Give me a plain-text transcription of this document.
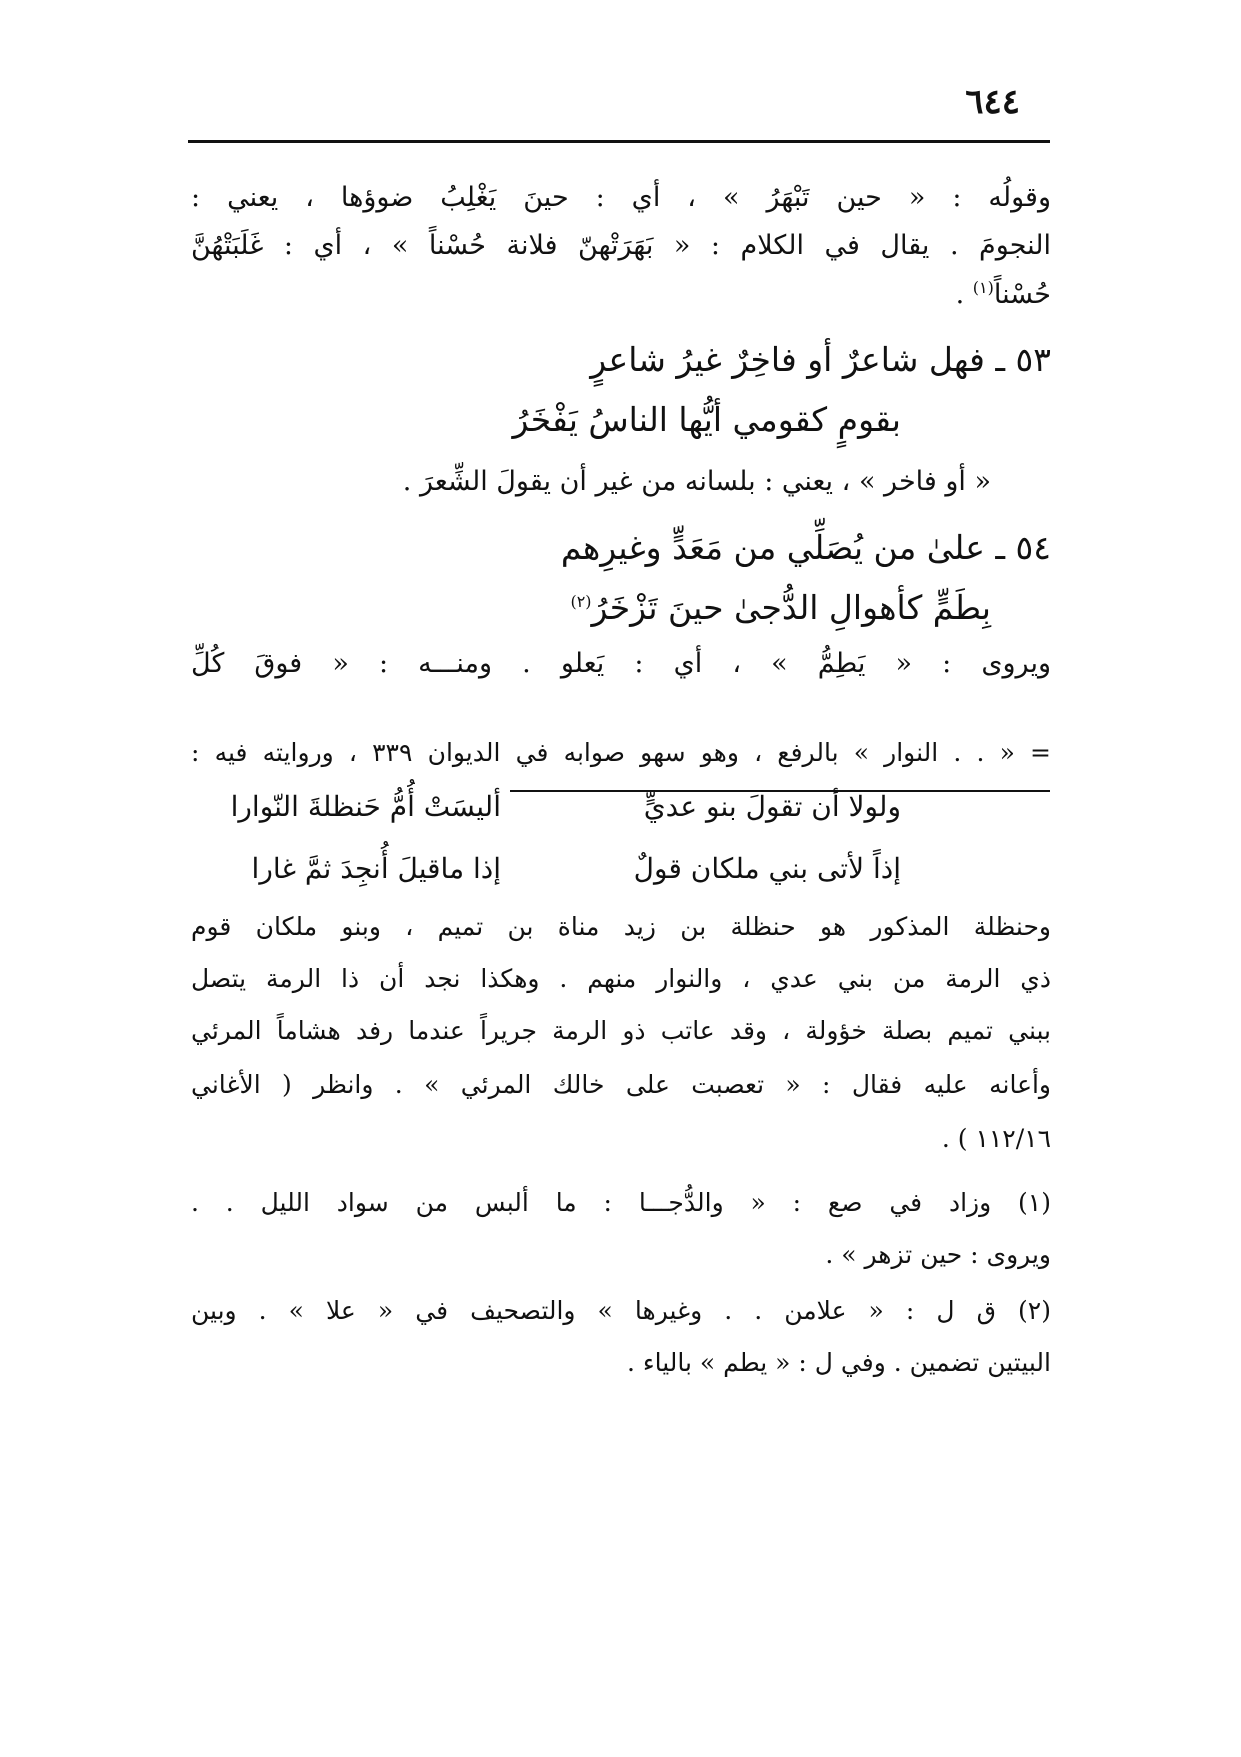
٦٤٤
وقولُه : « حين تَبْهَرُ » ، أي : حينَ يَغْلِبُ ضوؤها ، يعني :
النجومَ . يقال في الكلام : « بَهَرَتْهنّ فلانة حُسْناً » ، أي : غَلَبَتْهُنَّ
حُسْناً$^{(١)}$ .
٥٣ ـ فهل شاعرٌ أو فاخِرٌ غيرُ شاعرٍ
بقومٍ كقومي أيُّها الناسُ يَفْخَرُ
« أو فاخر » ، يعني : بلسانه من غير أن يقولَ الشِّعرَ .
٥٤ ـ علىٰ من يُصَلِّي من مَعَدٍّ وغيرِهم
بِطَمٍّ كأهوالِ الدُّجىٰ حينَ تَزْخَرُ$^{(٢)}$
ويروى : « يَطِمُّ » ، أي : يَعلو . ومنـــه : « فوقَ كُلِّ
= « . . النوار » بالرفع ، وهو سهو صوابه في الديوان ٣٣٩ ، وروايته فيه :
ولولا أن تقولَ بنو عديٍّ
أليسَتْ أُمُّ حَنظلةَ النّوارا
إذاً لأتى بني ملكان قولٌ
إذا ماقيلَ أُنجِدَ ثمَّ غارا
وحنظلة المذكور هو حنظلة بن زيد مناة بن تميم ، وبنو ملكان قوم
ذي الرمة من بني عدي ، والنوار منهم . وهكذا نجد أن ذا الرمة يتصل
ببني تميم بصلة خؤولة ، وقد عاتب ذو الرمة جريراً عندما رفد هشاماً المرئي
وأعانه عليه فقال : « تعصبت على خالك المرئي » . وانظر ( الأغاني
١١٢/١٦ ) .
(١) وزاد في صع : « والدُّجـــا : ما ألبس من سواد الليل . .
ويروى : حين تزهر » .
(٢) ق ل : « علامن . . وغيرها » والتصحيف في « علا » . وبين
البيتين تضمين . وفي ل : « يطم » بالياء .
